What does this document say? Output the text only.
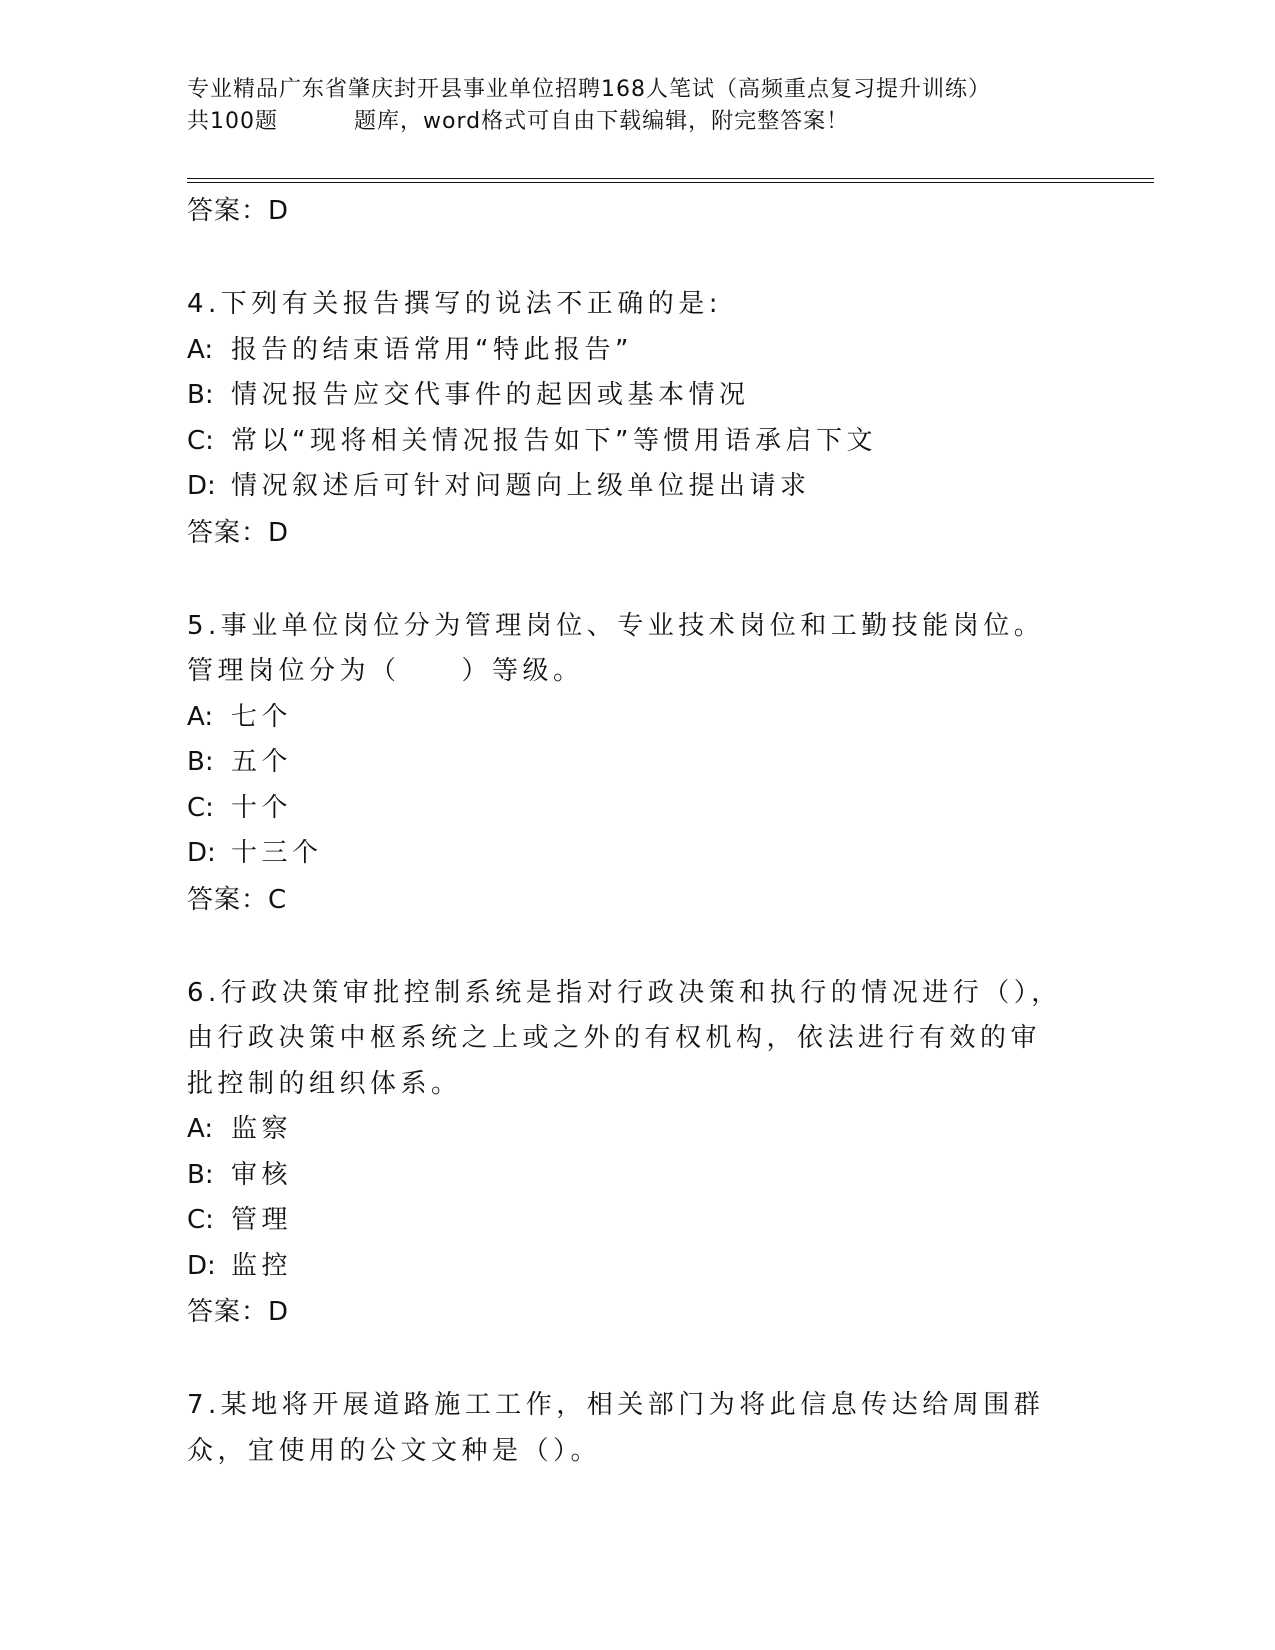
专业精品广东省肇庆封开县事业单位招聘168人笔试（高频重点复习提升训练）
共100题	题库，word格式可自由下载编辑，附完整答案！
答案：D
4.下列有关报告撰写的说法不正确的是:
A: 报告的结束语常用“特此报告”
B: 情况报告应交代事件的起因或基本情况
C: 常以“现将相关情况报告如下”等惯用语承启下文
D: 情况叙述后可针对问题向上级单位提出请求
答案：D
5.事业单位岗位分为管理岗位、专业技术岗位和工勤技能岗位。管理岗位分为（　　）等级。
A: 七个
B: 五个
C: 十个
D: 十三个
答案：C
6.行政决策审批控制系统是指对行政决策和执行的情况进行（），由行政决策中枢系统之上或之外的有权机构，依法进行有效的审批控制的组织体系。
A: 监察
B: 审核
C: 管理
D: 监控
答案：D
7.某地将开展道路施工工作，相关部门为将此信息传达给周围群众，宜使用的公文文种是（）。
